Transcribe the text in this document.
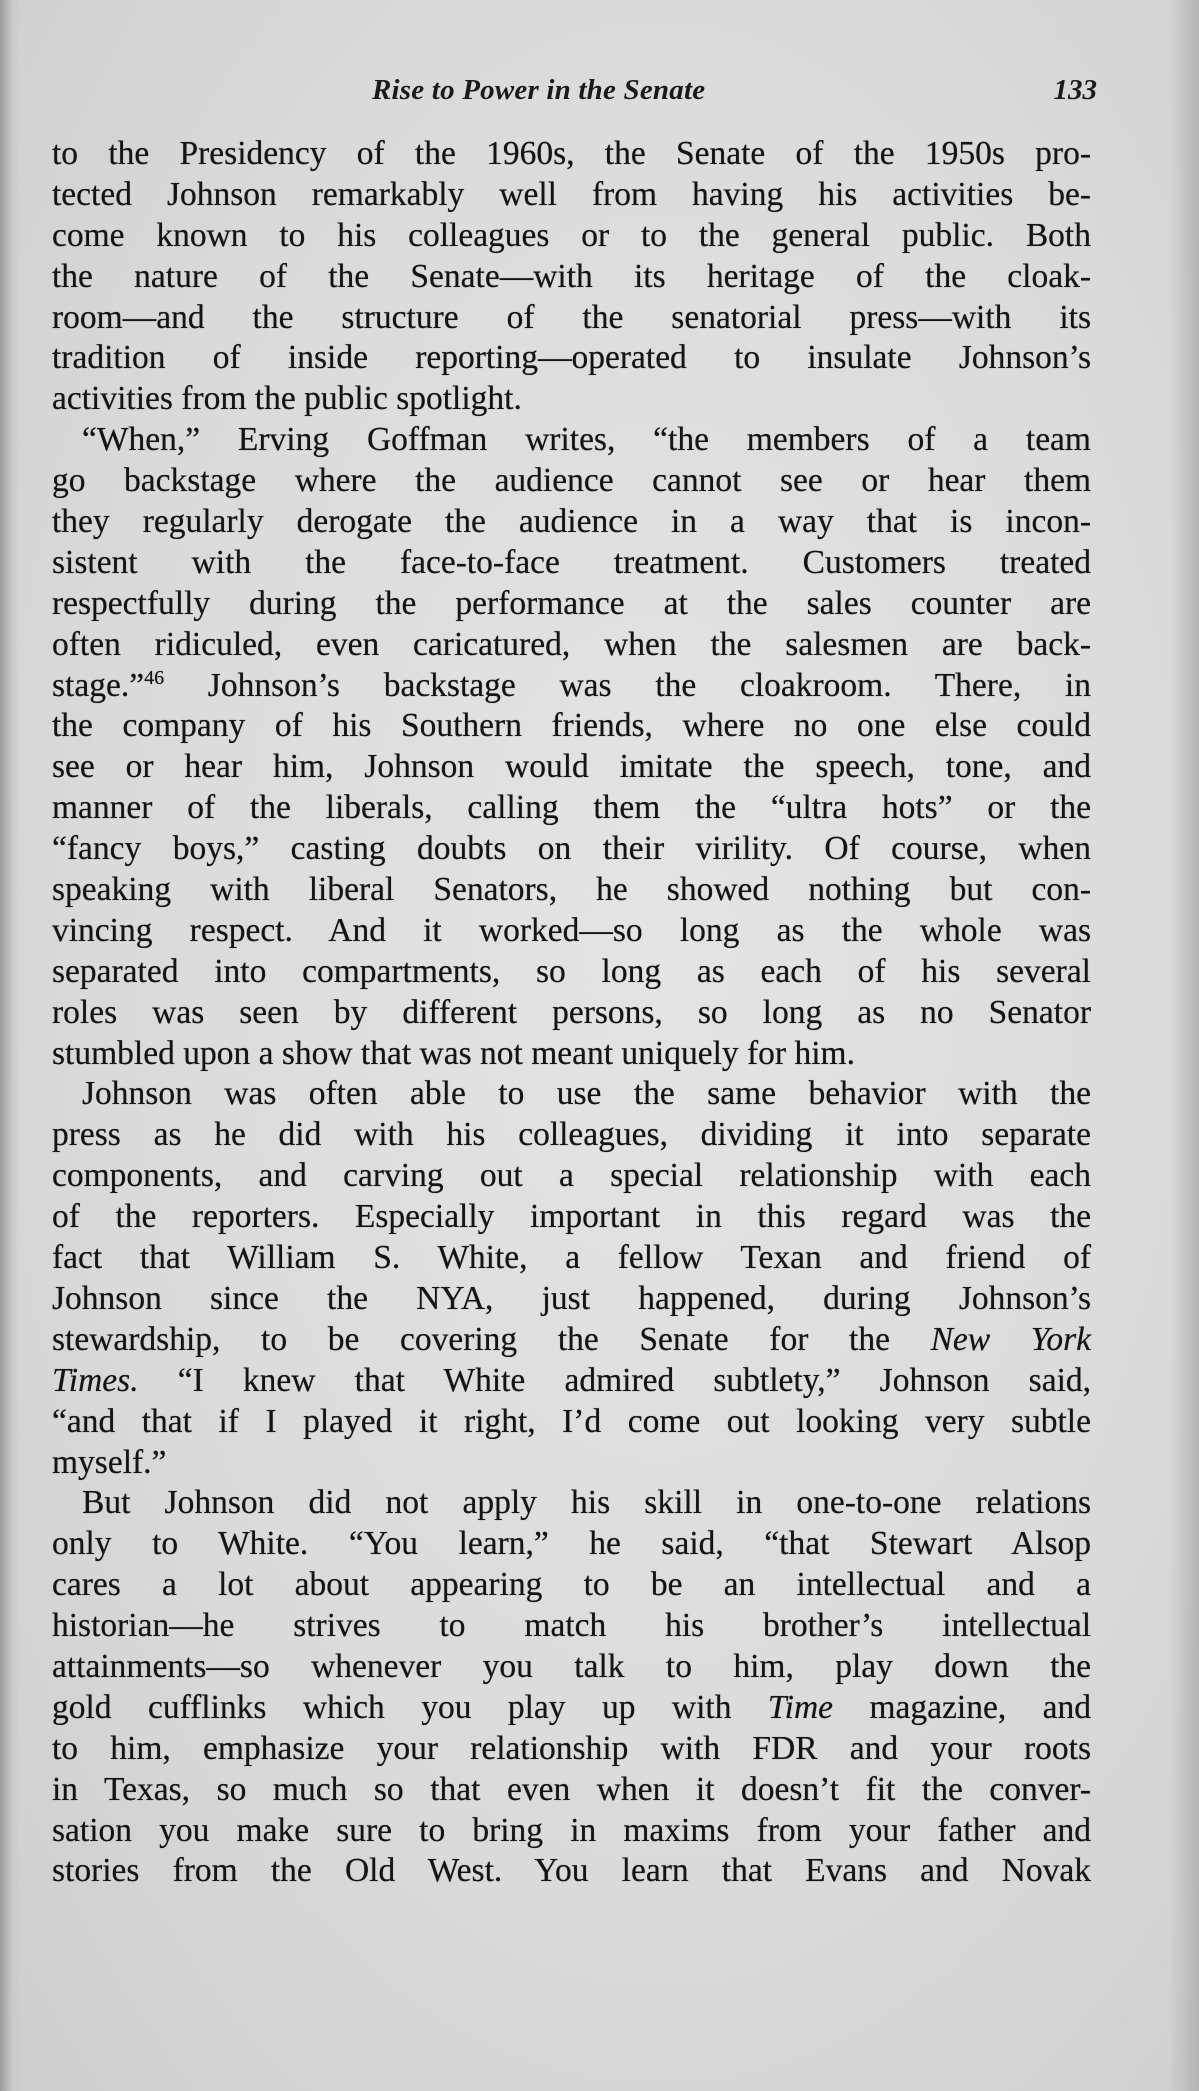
Rise to Power in the Senate	133
to the Presidency of the 1960s, the Senate of the 1950s pro-
tected Johnson remarkably well from having his activities be-
come known to his colleagues or to the general public. Both
the nature of the Senate—with its heritage of the cloak-
room—and the structure of the senatorial press—with its
tradition of inside reporting—operated to insulate Johnson’s
activities from the public spotlight.
“When,” Erving Goffman writes, “the members of a team
go backstage where the audience cannot see or hear them
they regularly derogate the audience in a way that is incon-
sistent with the face-to-face treatment. Customers treated
respectfully during the performance at the sales counter are
often ridiculed, even caricatured, when the salesmen are back-
stage.”$^{46}$ Johnson’s backstage was the cloakroom. There, in
the company of his Southern friends, where no one else could
see or hear him, Johnson would imitate the speech, tone, and
manner of the liberals, calling them the “ultra hots” or the
“fancy boys,” casting doubts on their virility. Of course, when
speaking with liberal Senators, he showed nothing but con-
vincing respect. And it worked—so long as the whole was
separated into compartments, so long as each of his several
roles was seen by different persons, so long as no Senator
stumbled upon a show that was not meant uniquely for him.
Johnson was often able to use the same behavior with the
press as he did with his colleagues, dividing it into separate
components, and carving out a special relationship with each
of the reporters. Especially important in this regard was the
fact that William S. White, a fellow Texan and friend of
Johnson since the NYA, just happened, during Johnson’s
stewardship, to be covering the Senate for the New York
Times. “I knew that White admired subtlety,” Johnson said,
“and that if I played it right, I’d come out looking very subtle
myself.”
But Johnson did not apply his skill in one-to-one relations
only to White. “You learn,” he said, “that Stewart Alsop
cares a lot about appearing to be an intellectual and a
historian—he strives to match his brother’s intellectual
attainments—so whenever you talk to him, play down the
gold cufflinks which you play up with Time magazine, and
to him, emphasize your relationship with FDR and your roots
in Texas, so much so that even when it doesn’t fit the conver-
sation you make sure to bring in maxims from your father and
stories from the Old West. You learn that Evans and Novak
